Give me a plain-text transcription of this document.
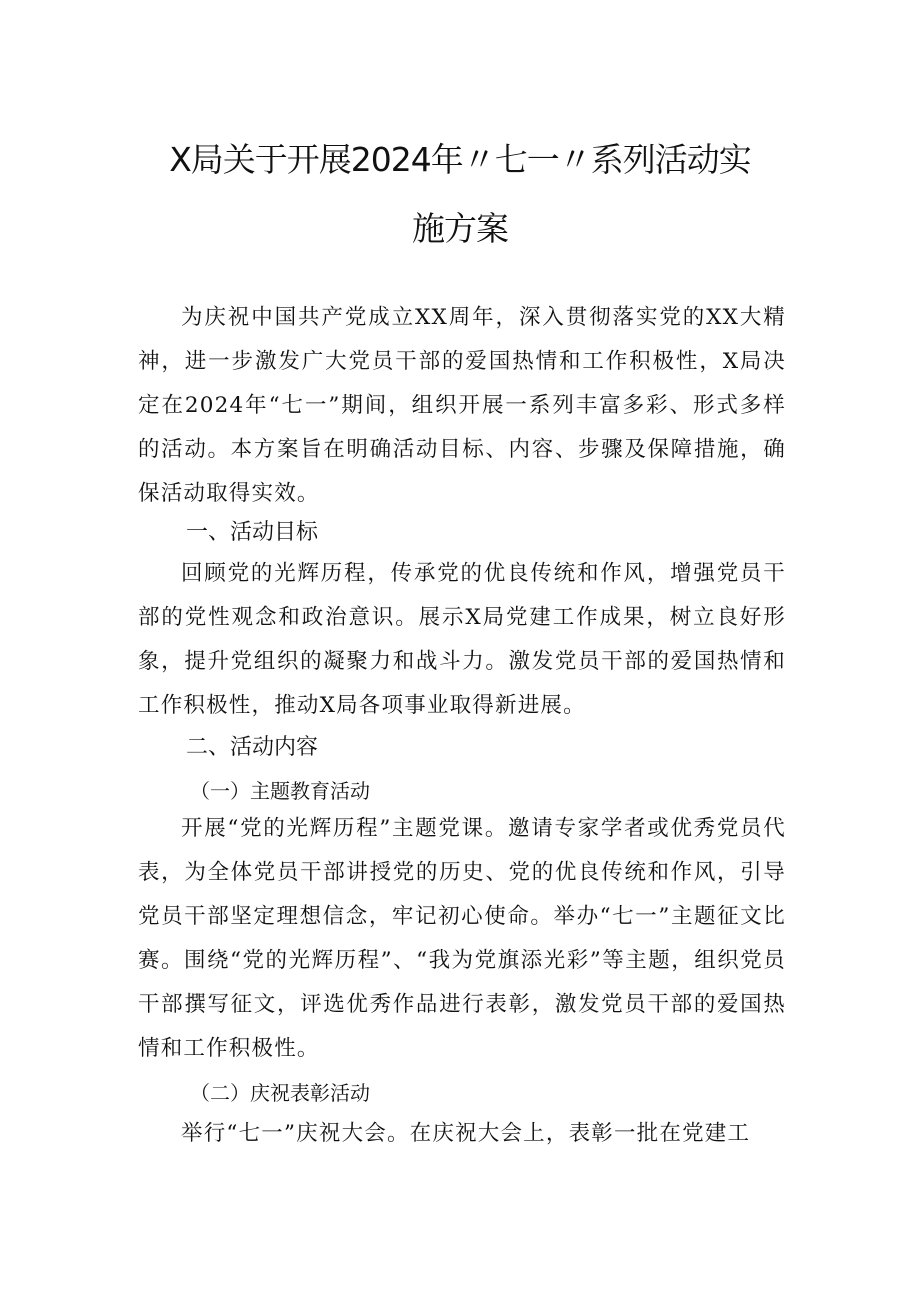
X局关于开展2024年〃七一〃系列活动实
施方案

为庆祝中国共产党成立XX周年，深入贯彻落实党的XX大精神，进一步激发广大党员干部的爱国热情和工作积极性，X局决定在2024年“七一”期间，组织开展一系列丰富多彩、形式多样的活动。本方案旨在明确活动目标、内容、步骤及保障措施，确保活动取得实效。

一、活动目标

回顾党的光辉历程，传承党的优良传统和作风，增强党员干部的党性观念和政治意识。展示X局党建工作成果，树立良好形象，提升党组织的凝聚力和战斗力。激发党员干部的爱国热情和工作积极性，推动X局各项事业取得新进展。

二、活动内容
（一）主题教育活动

开展“党的光辉历程”主题党课。邀请专家学者或优秀党员代表，为全体党员干部讲授党的历史、党的优良传统和作风，引导党员干部坚定理想信念，牢记初心使命。举办“七一”主题征文比赛。围绕“党的光辉历程”、“我为党旗添光彩”等主题，组织党员干部撰写征文，评选优秀作品进行表彰，激发党员干部的爱国热情和工作积极性。

（二）庆祝表彰活动

举行“七一”庆祝大会。在庆祝大会上，表彰一批在党建工
